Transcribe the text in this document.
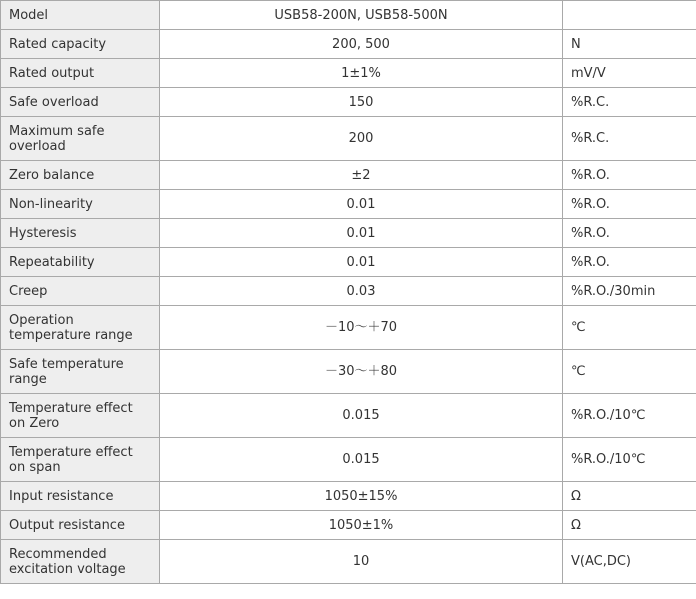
Model	USB58-200N, USB58-500N	
Rated capacity	200, 500	N
Rated output	1±1%	mV/V
Safe overload	150	%R.C.
Maximum safe overload	200	%R.C.
Zero balance	±2	%R.O.
Non-linearity	0.01	%R.O.
Hysteresis	0.01	%R.O.
Repeatability	0.01	%R.O.
Creep	0.03	%R.O./30min
Operation temperature range	－10～＋70	℃
Safe temperature range	－30～＋80	℃
Temperature effect on Zero	0.015	%R.O./10℃
Temperature effect on span	0.015	%R.O./10℃
Input resistance	1050±15%	Ω
Output resistance	1050±1%	Ω
Recommended excitation voltage	10	V(AC,DC)
